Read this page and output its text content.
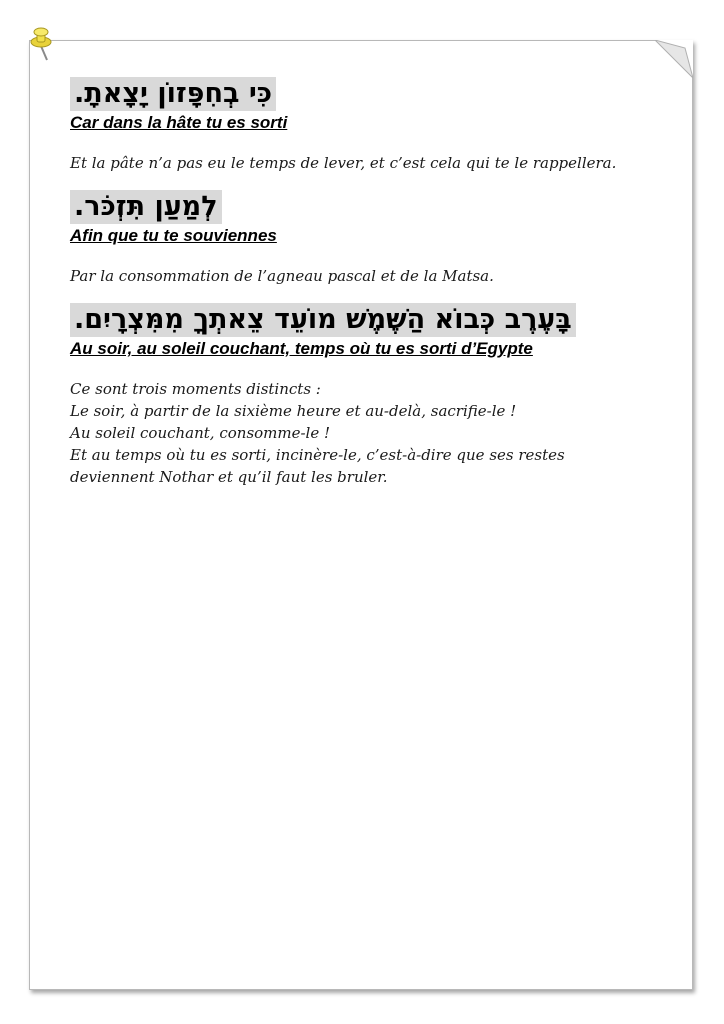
כִּי בְחִפָּזוֹן יָצָאתָ.
Car dans la hâte tu es sorti
Et la pâte n’a pas eu le temps de lever, et c’est cela qui te le rappellera.
לְמַעַן תִּזְכֹּר.
Afin que tu te souviennes
Par la consommation de l’agneau pascal et de la Matsa.
בָּעֶרֶב כְּבוֹא הַשֶּׁמֶשׁ מוֹעֵד צֵאתְךָ מִמִּצְרָיִם.
Au soir, au soleil couchant, temps où tu es sorti d’Egypte
Ce sont trois moments distincts :
Le soir, à partir de la sixième heure et au-delà, sacrifie-le !
Au soleil couchant, consomme-le !
Et au temps où tu es sorti, incinère-le, c’est-à-dire que ses restes
deviennent Nothar et qu’il faut les bruler.
